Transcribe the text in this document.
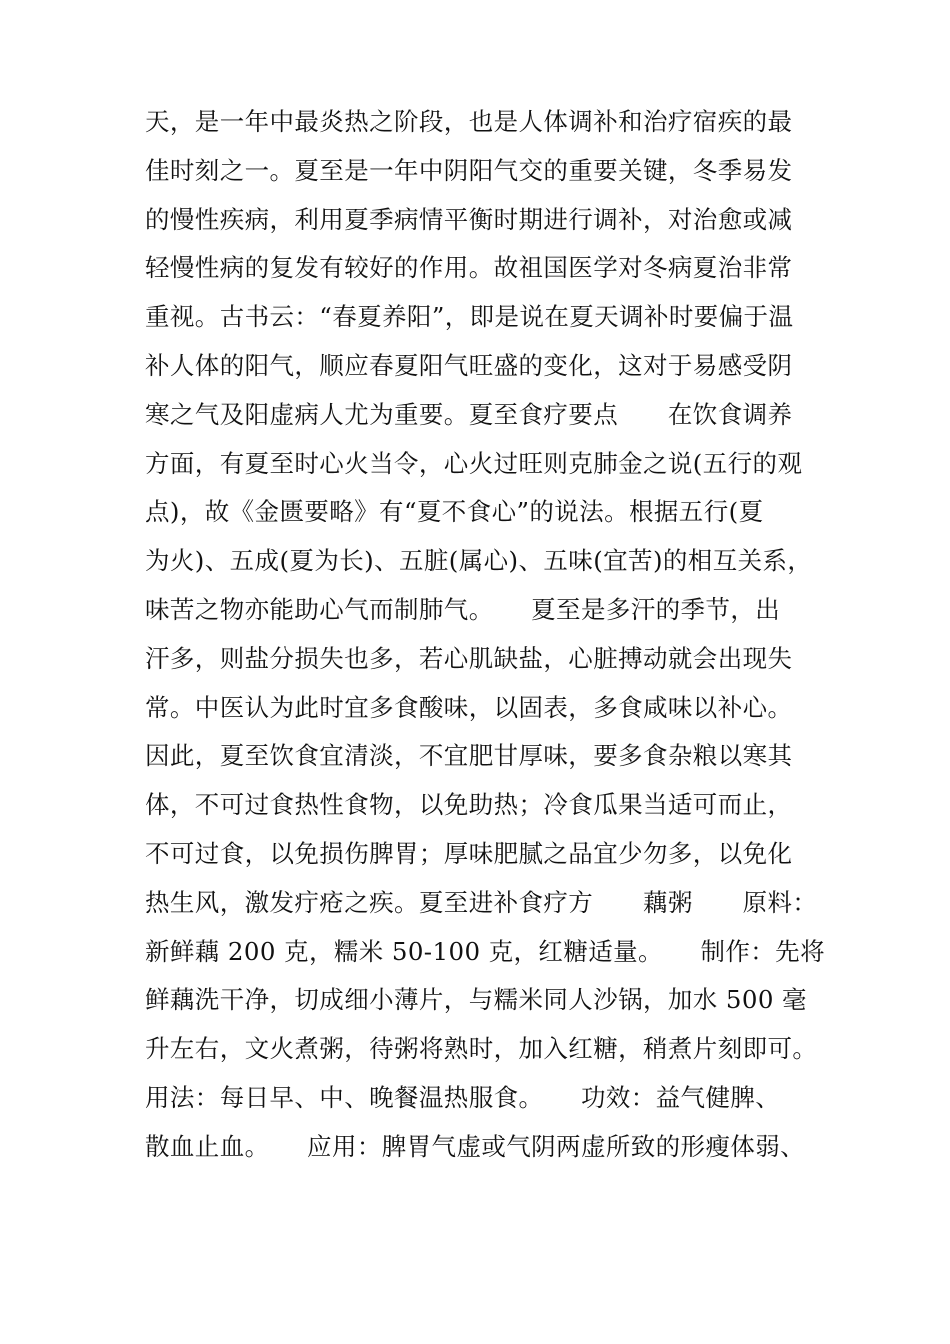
天，是一年中最炎热之阶段，也是人体调补和治疗宿疾的最
佳时刻之一。夏至是一年中阴阳气交的重要关键，冬季易发
的慢性疾病，利用夏季病情平衡时期进行调补，对治愈或减
轻慢性病的复发有较好的作用。故祖国医学对冬病夏治非常
重视。古书云：“春夏养阳”，即是说在夏天调补时要偏于温
补人体的阳气，顺应春夏阳气旺盛的变化，这对于易感受阴
寒之气及阳虚病人尤为重要。夏至食疗要点　　在饮食调养
方面，有夏至时心火当令，心火过旺则克肺金之说(五行的观
点)，故《金匮要略》有“夏不食心”的说法。根据五行(夏
为火)、五成(夏为长)、五脏(属心)、五味(宜苦)的相互关系，
味苦之物亦能助心气而制肺气。　　夏至是多汗的季节，出
汗多，则盐分损失也多，若心肌缺盐，心脏搏动就会出现失
常。中医认为此时宜多食酸味，以固表，多食咸味以补心。
因此，夏至饮食宜清淡，不宜肥甘厚味，要多食杂粮以寒其
体，不可过食热性食物，以免助热；冷食瓜果当适可而止，
不可过食，以免损伤脾胃；厚味肥腻之品宜少勿多，以免化
热生风，激发疔疮之疾。夏至进补食疗方　　藕粥　　原料：
新鲜藕 200 克，糯米 50-100 克，红糖适量。　　制作：先将
鲜藕洗干净，切成细小薄片，与糯米同人沙锅，加水 500 毫
升左右，文火煮粥，待粥将熟时，加入红糖，稍煮片刻即可。
用法：每日早、中、晚餐温热服食。　　功效：益气健脾、
散血止血。　　应用：脾胃气虚或气阴两虚所致的形瘦体弱、
